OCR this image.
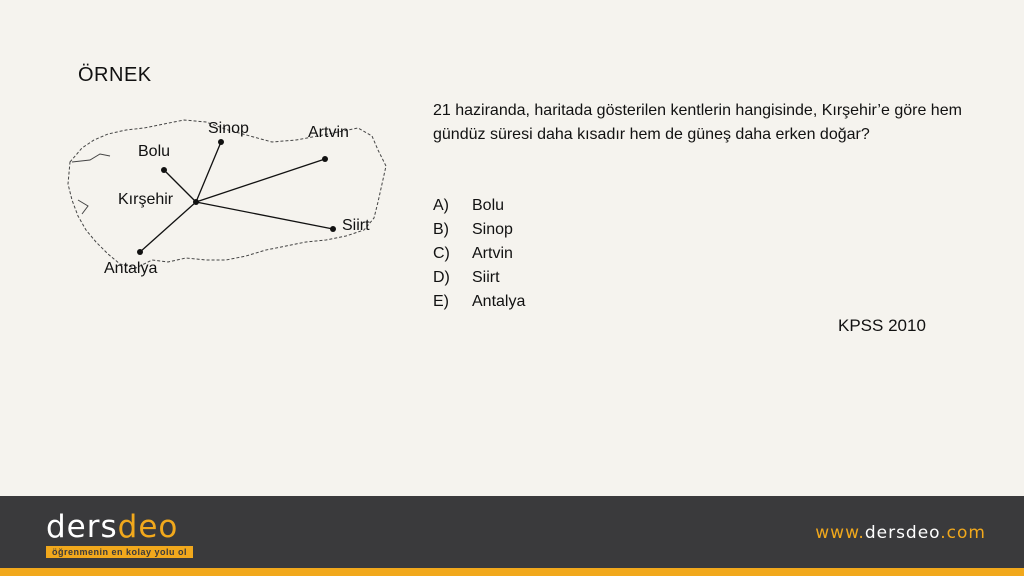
ÖRNEK
Sinop	Artvin
Bolu
Kırşehir
Siirt
Antalya
21 haziranda, haritada gösterilen kentlerin hangisinde, Kırşehir’e göre hem gündüz süresi daha kısadır hem de güneş daha erken doğar?
A)	Bolu
B)	Sinop
C)	Artvin
D)	Siirt
E)	Antalya
KPSS 2010
dersdeo
öğrenmenin en kolay yolu ol
www.dersdeo.com
